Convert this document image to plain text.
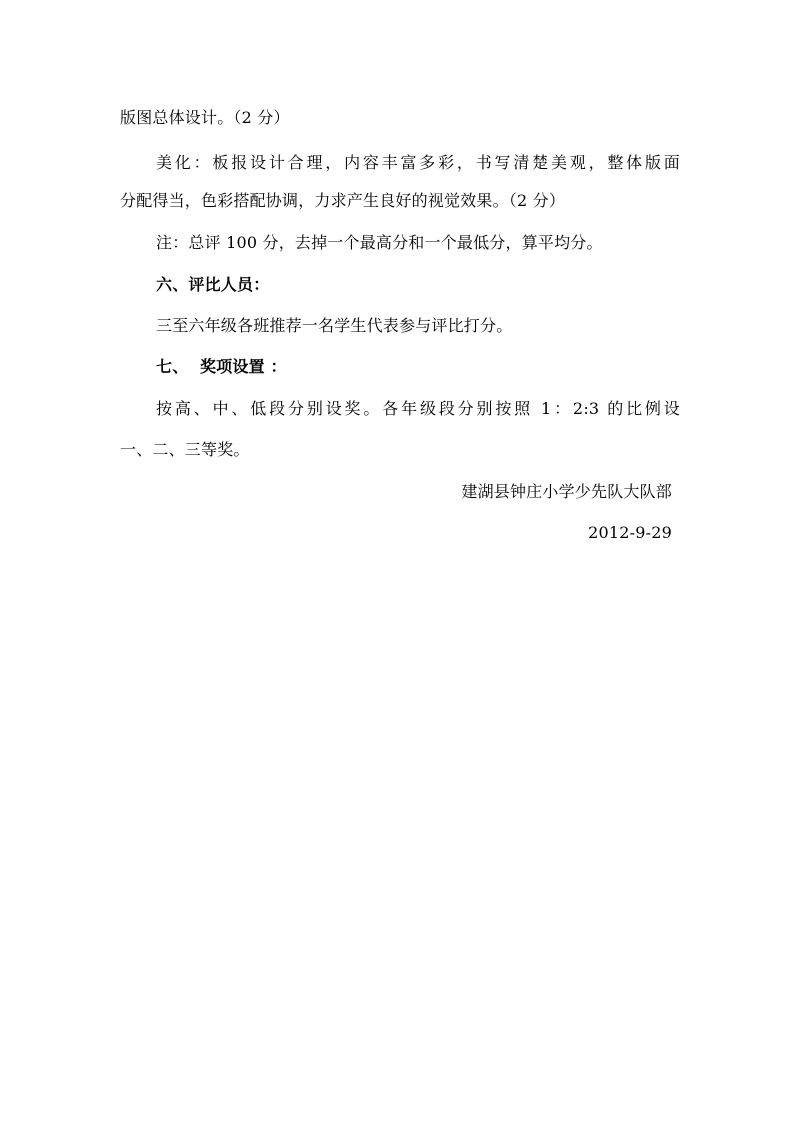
版图总体设计。（2 分）
美化：板报设计合理，内容丰富多彩，书写清楚美观，整体版面
分配得当，色彩搭配协调，力求产生良好的视觉效果。（2 分）
注：总评 100 分，去掉一个最高分和一个最低分，算平均分。
六、评比人员：
三至六年级各班推荐一名学生代表参与评比打分。
七、  奖项设置 ：
按高、中、低段分别设奖。各年级段分别按照 1：2:3 的比例设
一、二、三等奖。
建湖县钟庄小学少先队大队部
2012-9-29
